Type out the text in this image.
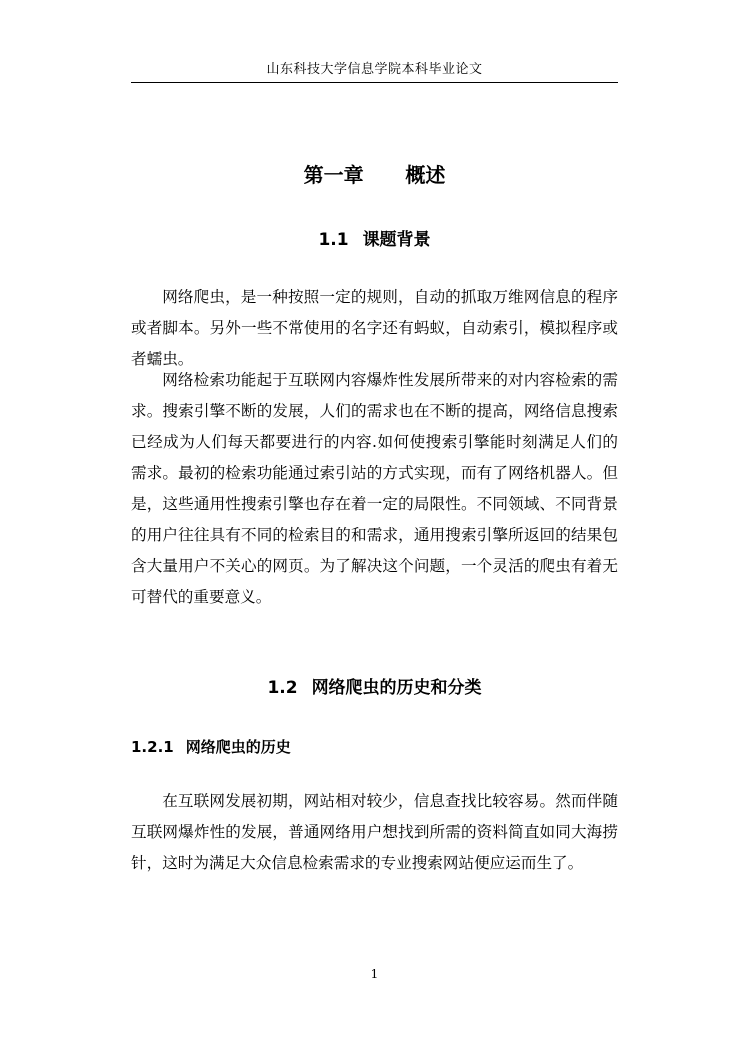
山东科技大学信息学院本科毕业论文
第一章      概述
1.1 课题背景

网络爬虫，是一种按照一定的规则，自动的抓取万维网信息的程序或者脚本。另外一些不常使用的名字还有蚂蚁，自动索引，模拟程序或者蠕虫。

网络检索功能起于互联网内容爆炸性发展所带来的对内容检索的需求。搜索引擎不断的发展，人们的需求也在不断的提高，网络信息搜索已经成为人们每天都要进行的内容.如何使搜索引擎能时刻满足人们的需求。最初的检索功能通过索引站的方式实现，而有了网络机器人。但是，这些通用性搜索引擎也存在着一定的局限性。不同领域、不同背景的用户往往具有不同的检索目的和需求，通用搜索引擎所返回的结果包含大量用户不关心的网页。为了解决这个问题，一个灵活的爬虫有着无可替代的重要意义。

1.2 网络爬虫的历史和分类
1.2.1 网络爬虫的历史

在互联网发展初期，网站相对较少，信息查找比较容易。然而伴随互联网爆炸性的发展，普通网络用户想找到所需的资料简直如同大海捞针，这时为满足大众信息检索需求的专业搜索网站便应运而生了。

1
